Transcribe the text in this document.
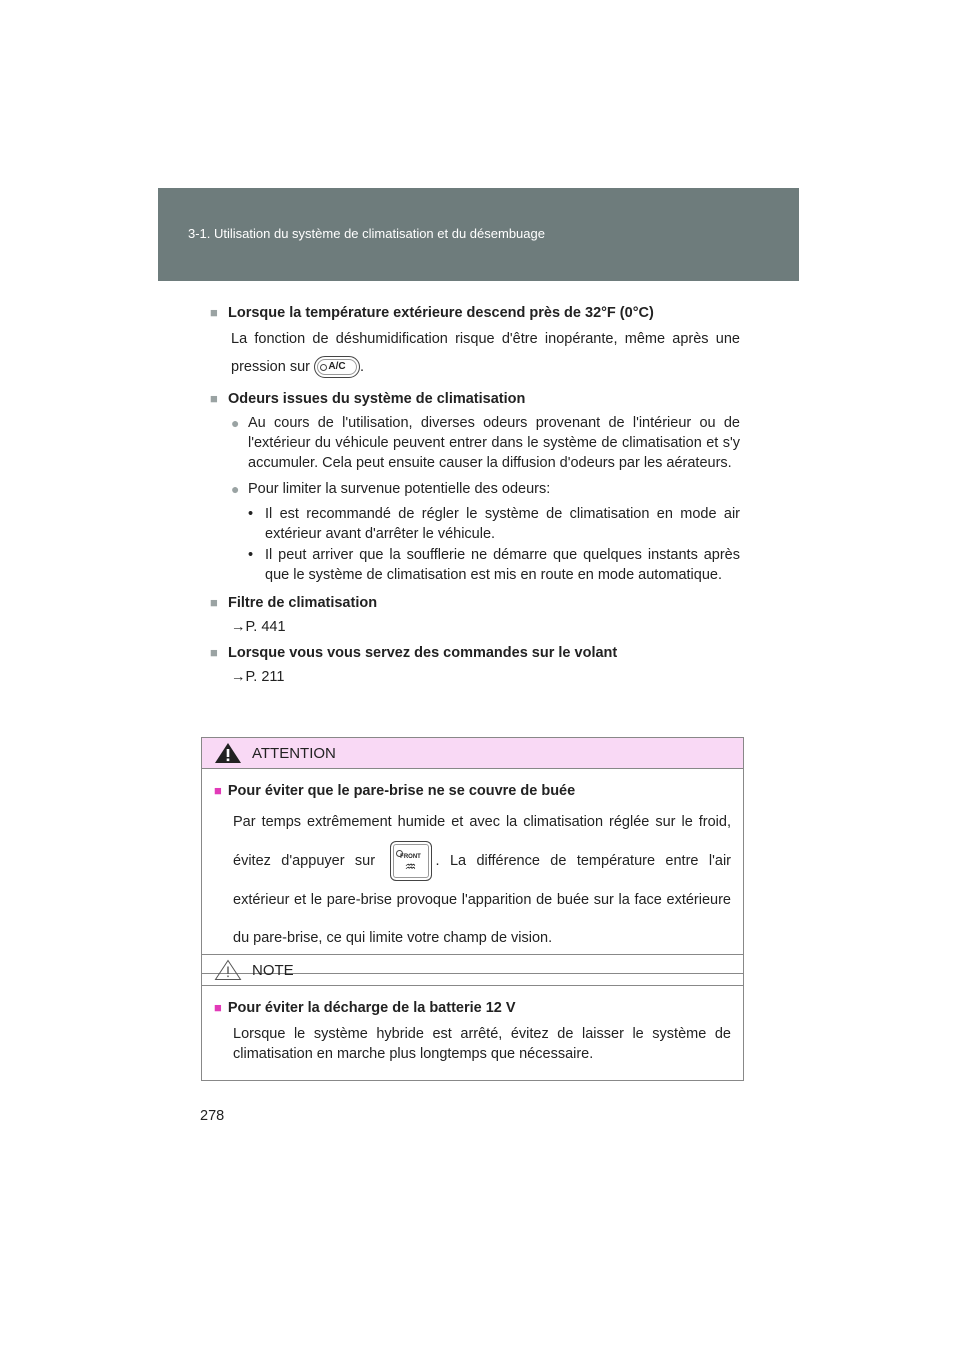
3-1. Utilisation du système de climatisation et du désembuage

■ Lorsque la température extérieure descend près de 32°F (0°C)

La fonction de déshumidification risque d'être inopérante, même après une pression sur A/C .

■ Odeurs issues du système de climatisation

● Au cours de l'utilisation, diverses odeurs provenant de l'intérieur ou de l'extérieur du véhicule peuvent entrer dans le système de climatisation et s'y accumuler. Cela peut ensuite causer la diffusion d'odeurs par les aérateurs.
● Pour limiter la survenue potentielle des odeurs:
• Il est recommandé de régler le système de climatisation en mode air extérieur avant d'arrêter le véhicule.
• Il peut arriver que la soufflerie ne démarre que quelques instants après que le système de climatisation est mis en route en mode automatique.

■ Filtre de climatisation

→P. 441

■ Lorsque vous vous servez des commandes sur le volant

→P. 211

ATTENTION
■ Pour éviter que le pare-brise ne se couvre de buée
Par temps extrêmement humide et avec la climatisation réglée sur le froid, évitez d'appuyer sur	♒
FRONT	. La différence de température entre l'air extérieur et le pare-brise provoque l'apparition de buée sur la face extérieure du pare-brise, ce qui limite votre champ de vision.
NOTE
■ Pour éviter la décharge de la batterie 12 V
Lorsque le système hybride est arrêté, évitez de laisser le système de climatisation en marche plus longtemps que nécessaire.
278
